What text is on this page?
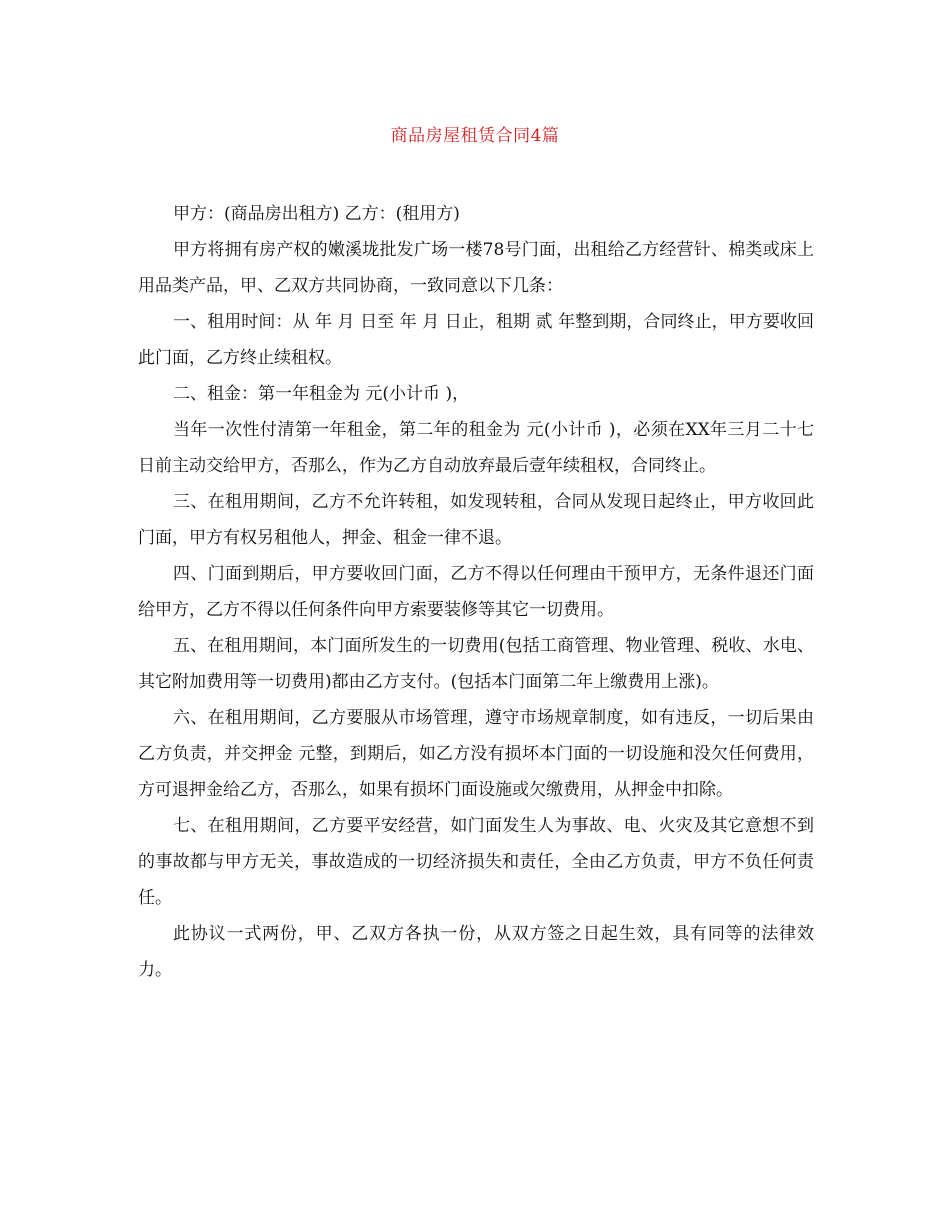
商品房屋租赁合同4篇

甲方：(商品房出租方) 乙方：(租用方)

甲方将拥有房产权的嫩溪垅批发广场一楼78号门面，出租给乙方经营针、棉类或床上用品类产品，甲、乙双方共同协商，一致同意以下几条：

一、租用时间：从 年 月 日至 年 月 日止，租期 贰 年整到期，合同终止，甲方要收回此门面，乙方终止续租权。

二、租金：第一年租金为 元(小计币 )，

当年一次性付清第一年租金，第二年的租金为 元(小计币 )，必须在XX年三月二十七日前主动交给甲方，否那么，作为乙方自动放弃最后壹年续租权，合同终止。

三、在租用期间，乙方不允许转租，如发现转租，合同从发现日起终止，甲方收回此门面，甲方有权另租他人，押金、租金一律不退。

四、门面到期后，甲方要收回门面，乙方不得以任何理由干预甲方，无条件退还门面给甲方，乙方不得以任何条件向甲方索要装修等其它一切费用。

五、在租用期间，本门面所发生的一切费用(包括工商管理、物业管理、税收、水电、其它附加费用等一切费用)都由乙方支付。(包括本门面第二年上缴费用上涨)。

六、在租用期间，乙方要服从市场管理，遵守市场规章制度，如有违反，一切后果由乙方负责，并交押金 元整，到期后，如乙方没有损坏本门面的一切设施和没欠任何费用，方可退押金给乙方，否那么，如果有损坏门面设施或欠缴费用，从押金中扣除。

七、在租用期间，乙方要平安经营，如门面发生人为事故、电、火灾及其它意想不到的事故都与甲方无关，事故造成的一切经济损失和责任，全由乙方负责，甲方不负任何责任。

此协议一式两份，甲、乙双方各执一份，从双方签之日起生效，具有同等的法律效力。
